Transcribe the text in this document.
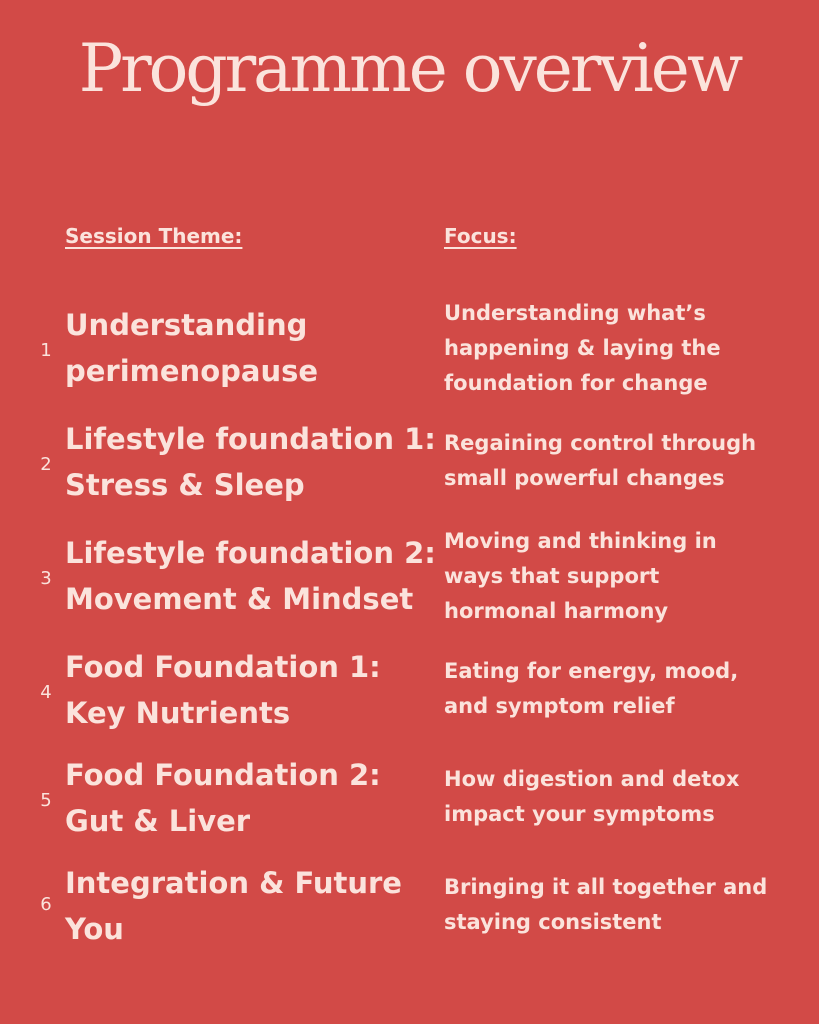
Programme overview
Session Theme:	Focus:
1
Understanding
perimenopause
Understanding what’s
happening & laying the
foundation for change
2
Lifestyle foundation 1:
Stress & Sleep
Regaining control through
small powerful changes
3
Lifestyle foundation 2:
Movement & Mindset
Moving and thinking in
ways that support
hormonal harmony
4
Food Foundation 1:
Key Nutrients
Eating for energy, mood,
and symptom relief
5
Food Foundation 2:
Gut & Liver
How digestion and detox
impact your symptoms
6
Integration & Future
You
Bringing it all together and
staying consistent
